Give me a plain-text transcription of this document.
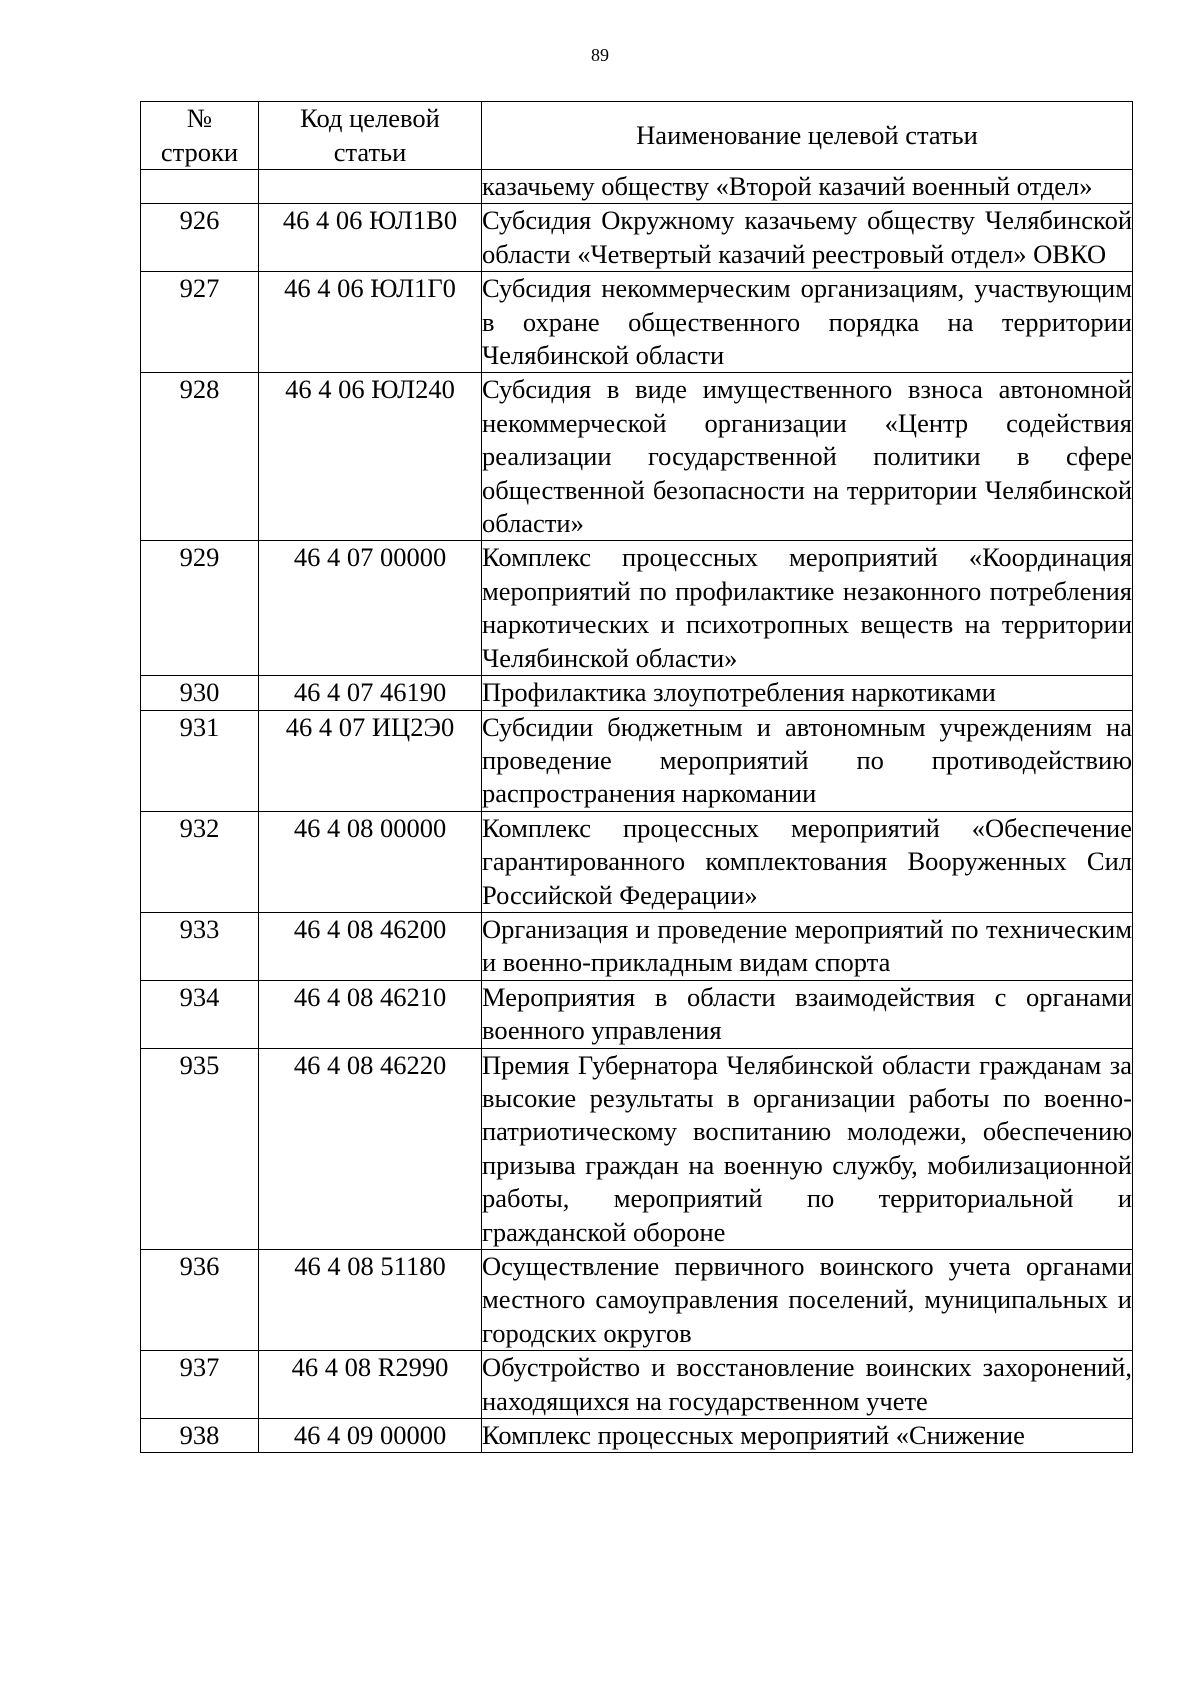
89
№ строки	Код целевой статьи	Наименование целевой статьи
		казачьему обществу «Второй казачий военный отдел»
926	46 4 06 ЮЛ1В0	Субсидия Окружному казачьему обществу Челябинской области «Четвертый казачий реестровый отдел» ОВКО
927	46 4 06 ЮЛ1Г0	Субсидия некоммерческим организациям, участвующим в охране общественного порядка на территории Челябинской области
928	46 4 06 ЮЛ240	Субсидия в виде имущественного взноса автономной некоммерческой организации «Центр содействия реализации государственной политики в сфере общественной безопасности на территории Челябинской области»
929	46 4 07 00000	Комплекс процессных мероприятий «Координация мероприятий по профилактике незаконного потребления наркотических и психотропных веществ на территории Челябинской области»
930	46 4 07 46190	Профилактика злоупотребления наркотиками
931	46 4 07 ИЦ2Э0	Субсидии бюджетным и автономным учреждениям на проведение мероприятий по противодействию распространения наркомании
932	46 4 08 00000	Комплекс процессных мероприятий «Обеспечение гарантированного комплектования Вооруженных Сил Российской Федерации»
933	46 4 08 46200	Организация и проведение мероприятий по техническим и военно-прикладным видам спорта
934	46 4 08 46210	Мероприятия в области взаимодействия с органами военного управления
935	46 4 08 46220	Премия Губернатора Челябинской области гражданам за высокие результаты в организации работы по военно-патриотическому воспитанию молодежи, обеспечению призыва граждан на военную службу, мобилизационной работы, мероприятий по территориальной и гражданской обороне
936	46 4 08 51180	Осуществление первичного воинского учета органами местного самоуправления поселений, муниципальных и городских округов
937	46 4 08 R2990	Обустройство и восстановление воинских захоронений, находящихся на государственном учете
938	46 4 09 00000	Комплекс процессных мероприятий «Снижение
